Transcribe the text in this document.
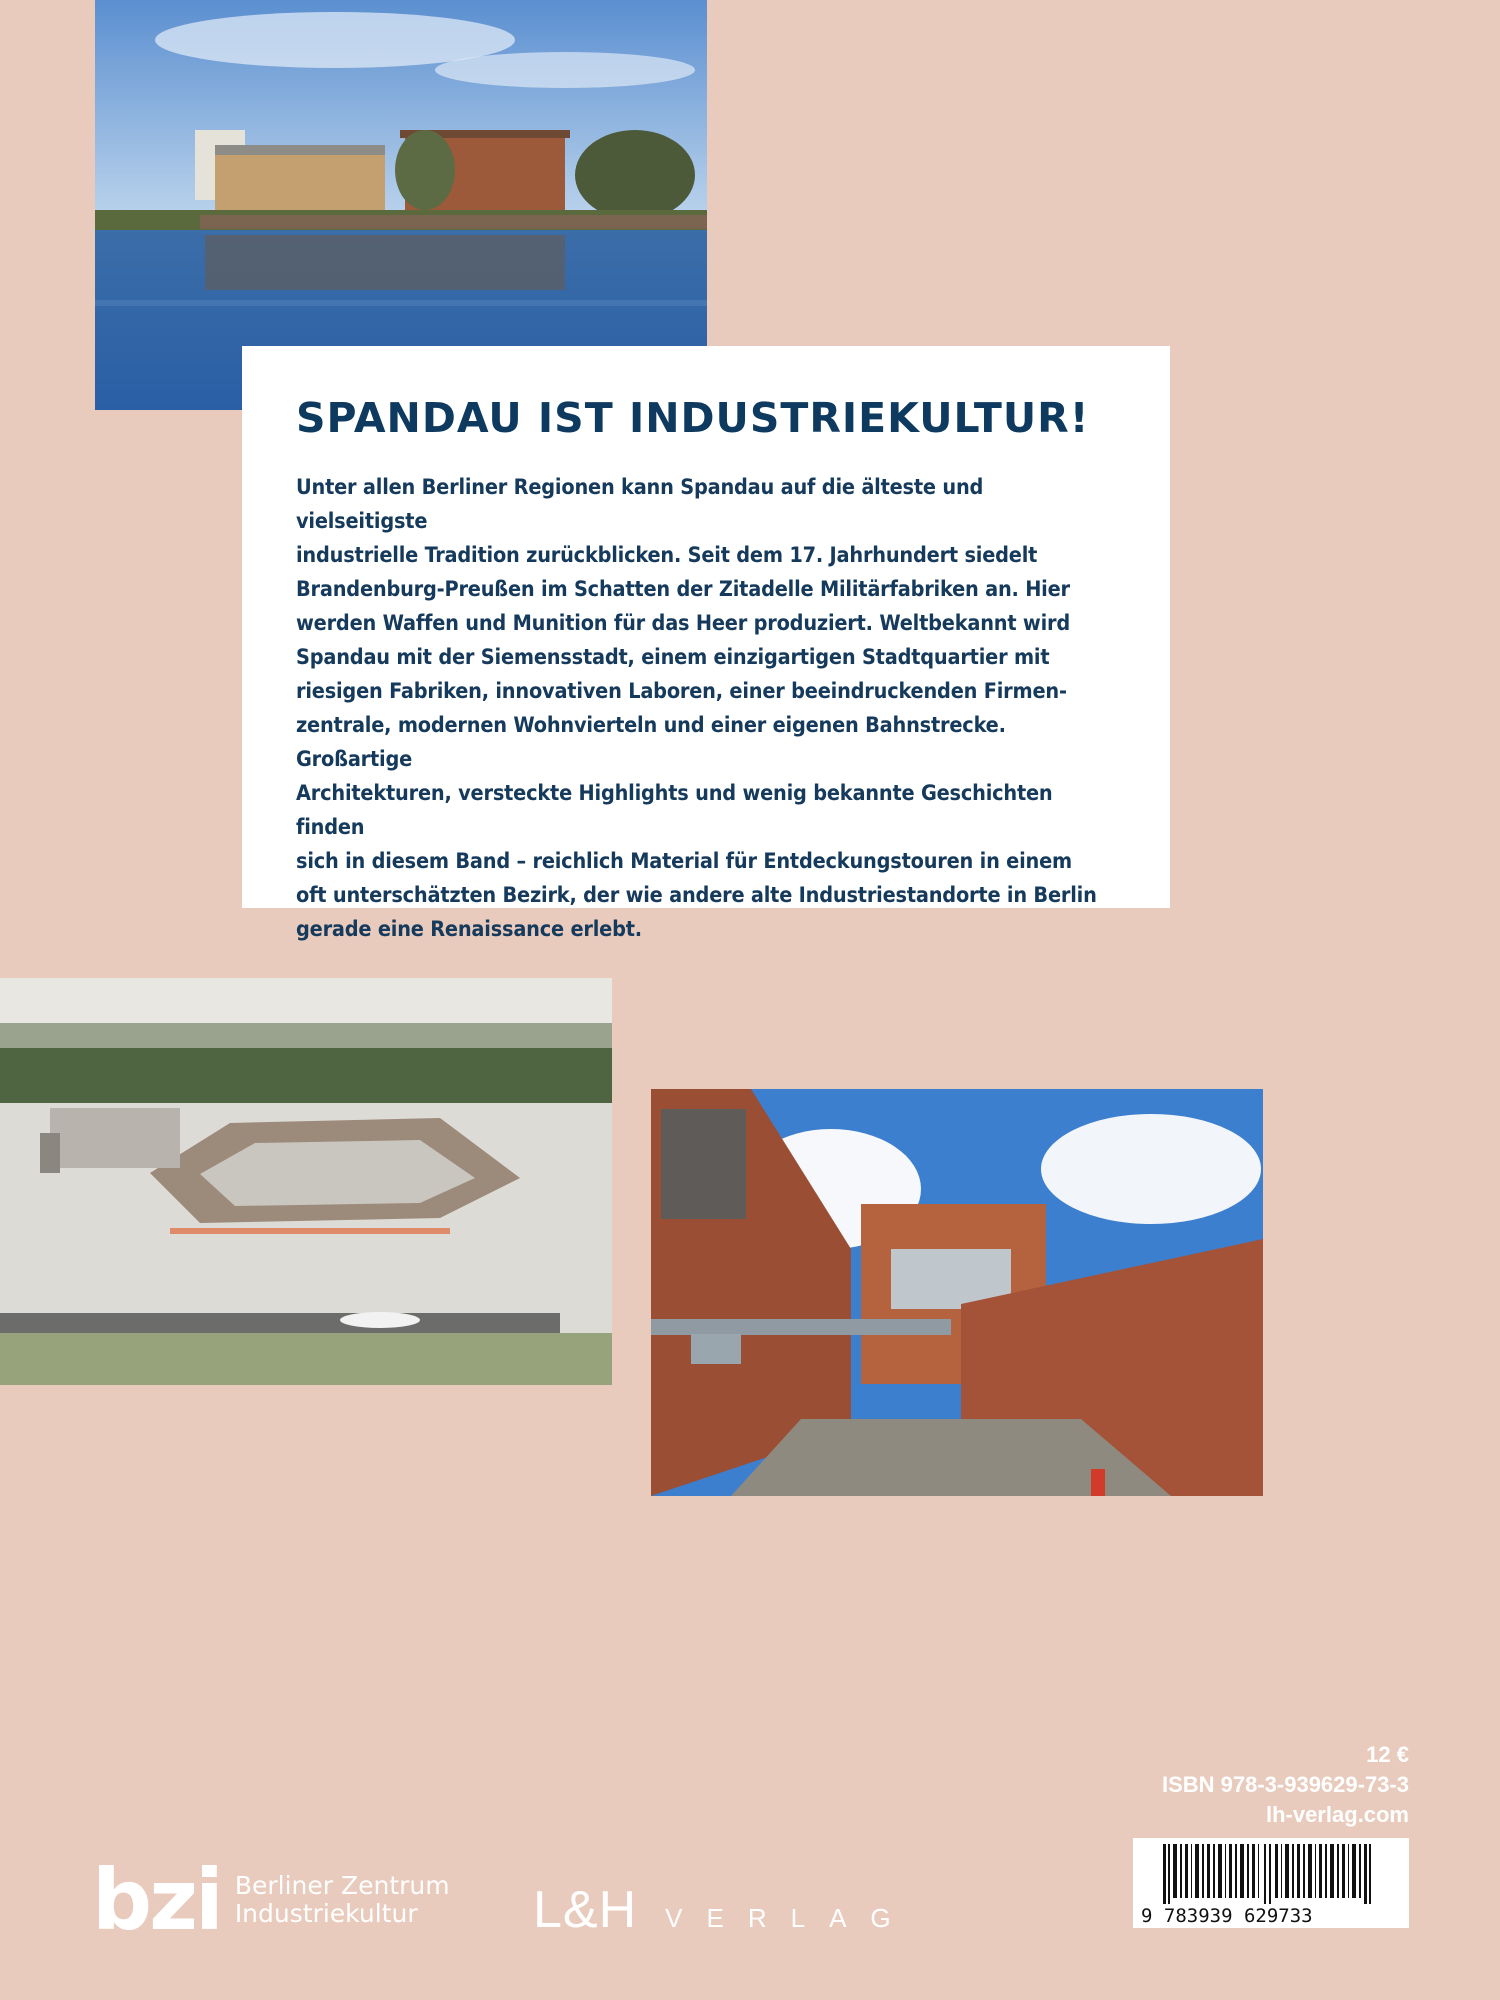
SPANDAU IST INDUSTRIEKULTUR!
Unter allen Berliner Regionen kann Spandau auf die älteste und vielseitigste
industrielle Tradition zurückblicken. Seit dem 17. Jahrhundert siedelt
Brandenburg-Preußen im Schatten der Zitadelle Militärfabriken an. Hier
werden Waffen und Munition für das Heer produziert. Weltbekannt wird
Spandau mit der Siemensstadt, einem einzigartigen Stadtquartier mit
riesigen Fabriken, innovativen Laboren, einer beeindruckenden Firmen-
zentrale, modernen Wohnvierteln und einer eigenen Bahnstrecke. Großartige
Architekturen, versteckte Highlights und wenig bekannte Geschichten finden
sich in diesem Band – reichlich Material für Entdeckungstouren in einem
oft unterschätzten Bezirk, der wie andere alte Industriestandorte in Berlin
gerade eine Renaissance erlebt.
12 €
ISBN 978-3-939629-73-3
lh-verlag.com
9 783939 629733
bzi Berliner Zentrum
Industriekultur	L&H VERLAG
